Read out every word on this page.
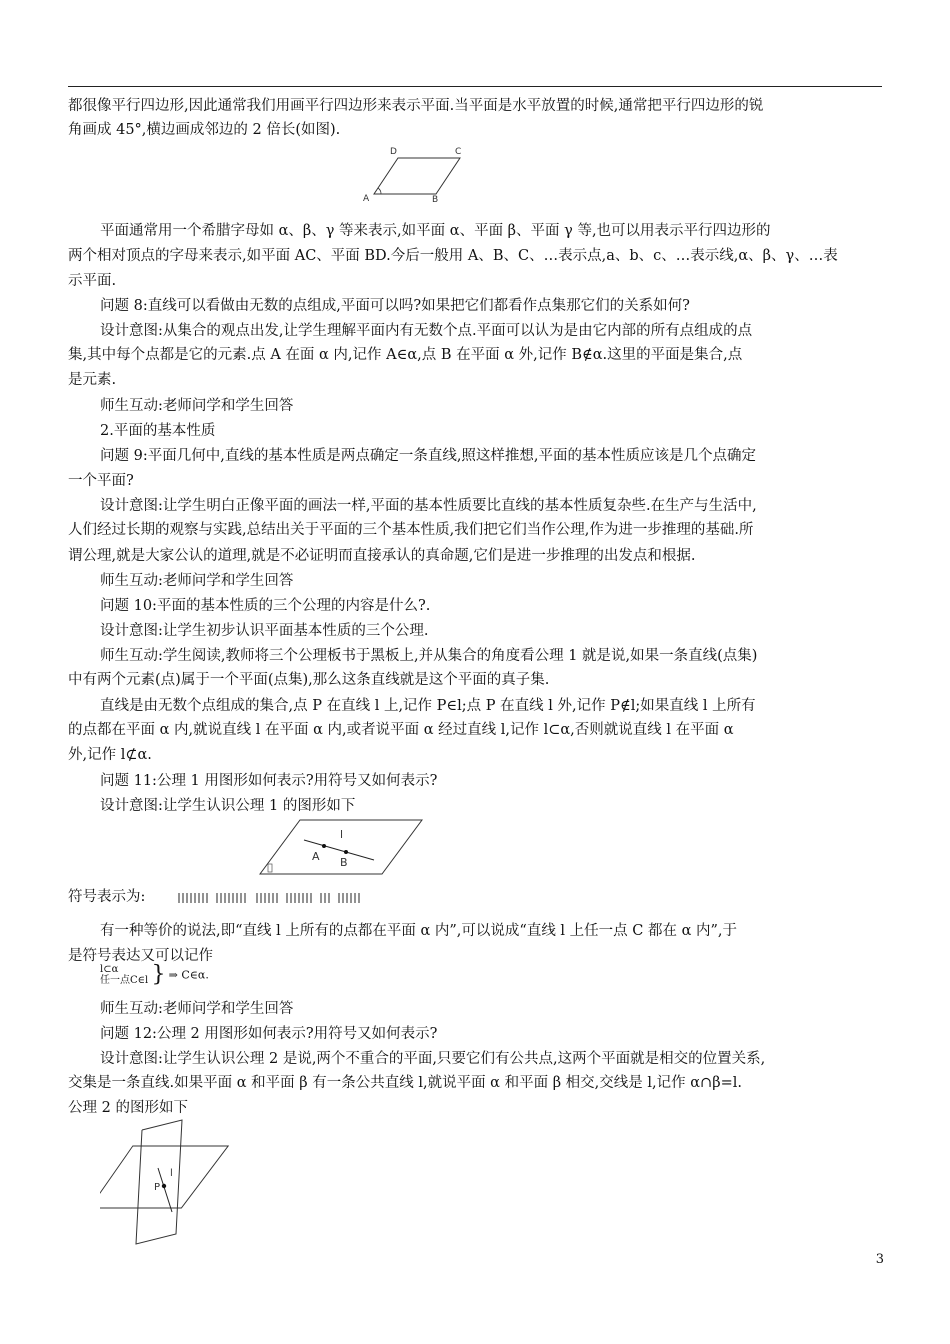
都很像平行四边形,因此通常我们用画平行四边形来表示平面.当平面是水平放置的时候,通常把平行四边形的锐
角画成 45°,横边画成邻边的 2 倍长(如图).
平面通常用一个希腊字母如 α、β、γ 等来表示,如平面 α、平面 β、平面 γ 等,也可以用表示平行四边形的
两个相对顶点的字母来表示,如平面 AC、平面 BD.今后一般用 A、B、C、…表示点,a、b、c、…表示线,α、β、γ、…表
示平面.
问题 8:直线可以看做由无数的点组成,平面可以吗?如果把它们都看作点集那它们的关系如何?
设计意图:从集合的观点出发,让学生理解平面内有无数个点.平面可以认为是由它内部的所有点组成的点
集,其中每个点都是它的元素.点 A 在面 α 内,记作 A∈α,点 B 在平面 α 外,记作 B∉α.这里的平面是集合,点
是元素.
师生互动:老师问学和学生回答
2.平面的基本性质
问题 9:平面几何中,直线的基本性质是两点确定一条直线,照这样推想,平面的基本性质应该是几个点确定
一个平面?
设计意图:让学生明白正像平面的画法一样,平面的基本性质要比直线的基本性质复杂些.在生产与生活中,
人们经过长期的观察与实践,总结出关于平面的三个基本性质,我们把它们当作公理,作为进一步推理的基础.所
谓公理,就是大家公认的道理,就是不必证明而直接承认的真命题,它们是进一步推理的出发点和根据.
师生互动:老师问学和学生回答
问题 10:平面的基本性质的三个公理的内容是什么?.
设计意图:让学生初步认识平面基本性质的三个公理.
师生互动:学生阅读,教师将三个公理板书于黑板上,并从集合的角度看公理 1 就是说,如果一条直线(点集)
中有两个元素(点)属于一个平面(点集),那么这条直线就是这个平面的真子集.
直线是由无数个点组成的集合,点 P 在直线 l 上,记作 P∈l;点 P 在直线 l 外,记作 P∉l;如果直线 l 上所有
的点都在平面 α 内,就说直线 l 在平面 α 内,或者说平面 α 经过直线 l,记作 l⊂α,否则就说直线 l 在平面 α
外,记作 l⊄α.
问题 11:公理 1 用图形如何表示?用符号又如何表示?
设计意图:让学生认识公理 1 的图形如下
符号表示为:
有一种等价的说法,即“直线 l 上所有的点都在平面 α 内”,可以说成“直线 l 上任一点 C 都在 α 内”,于
是符号表达又可以记作
师生互动:老师问学和学生回答
问题 12:公理 2 用图形如何表示?用符号又如何表示?
设计意图:让学生认识公理 2 是说,两个不重合的平面,只要它们有公共点,这两个平面就是相交的位置关系,
交集是一条直线.如果平面 α 和平面 β 有一条公共直线 l,就说平面 α 和平面 β 相交,交线是 l,记作 α∩β=l.
公理 2 的图形如下
A	B
C
D
l
A B
l⊂α
任一点C∈l } ⇒ C∈α.
l
P
3
